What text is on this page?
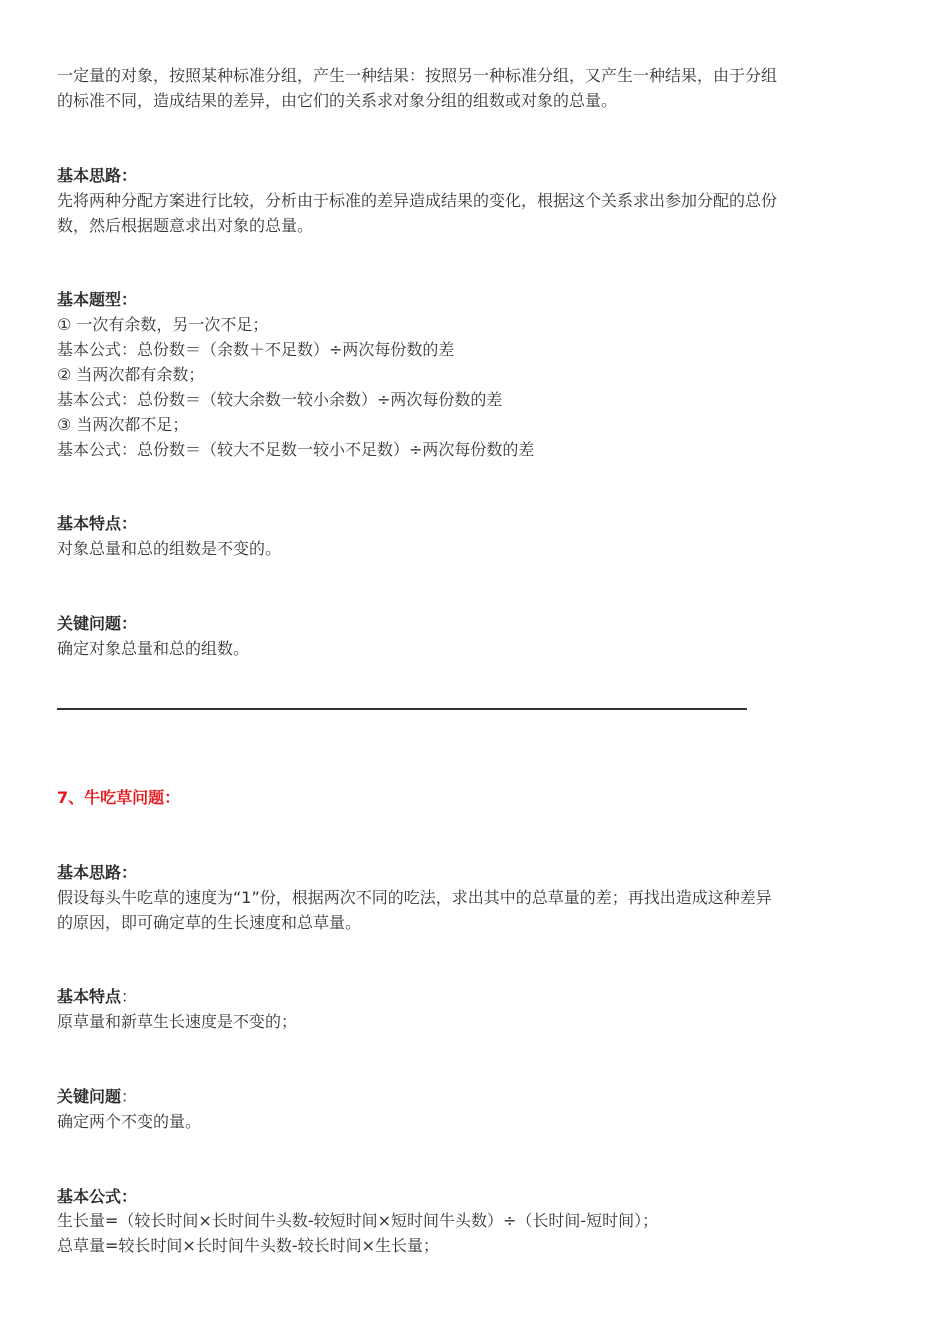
一定量的对象，按照某种标准分组，产生一种结果：按照另一种标准分组，又产生一种结果，由于分组
的标准不同，造成结果的差异，由它们的关系求对象分组的组数或对象的总量。
基本思路：
先将两种分配方案进行比较，分析由于标准的差异造成结果的变化，根据这个关系求出参加分配的总份
数，然后根据题意求出对象的总量。
基本题型：
① 一次有余数，另一次不足；
基本公式：总份数＝（余数＋不足数）÷两次每份数的差
② 当两次都有余数；
基本公式：总份数＝（较大余数一较小余数）÷两次每份数的差
③ 当两次都不足；
基本公式：总份数＝（较大不足数一较小不足数）÷两次每份数的差
基本特点：
对象总量和总的组数是不变的。
关键问题：
确定对象总量和总的组数。
7、牛吃草问题：
基本思路：
假设每头牛吃草的速度为“1”份，根据两次不同的吃法，求出其中的总草量的差；再找出造成这种差异
的原因，即可确定草的生长速度和总草量。
基本特点：
原草量和新草生长速度是不变的；
关键问题：
确定两个不变的量。
基本公式：
生长量=（较长时间×长时间牛头数-较短时间×短时间牛头数）÷（长时间-短时间）；
总草量=较长时间×长时间牛头数-较长时间×生长量；
